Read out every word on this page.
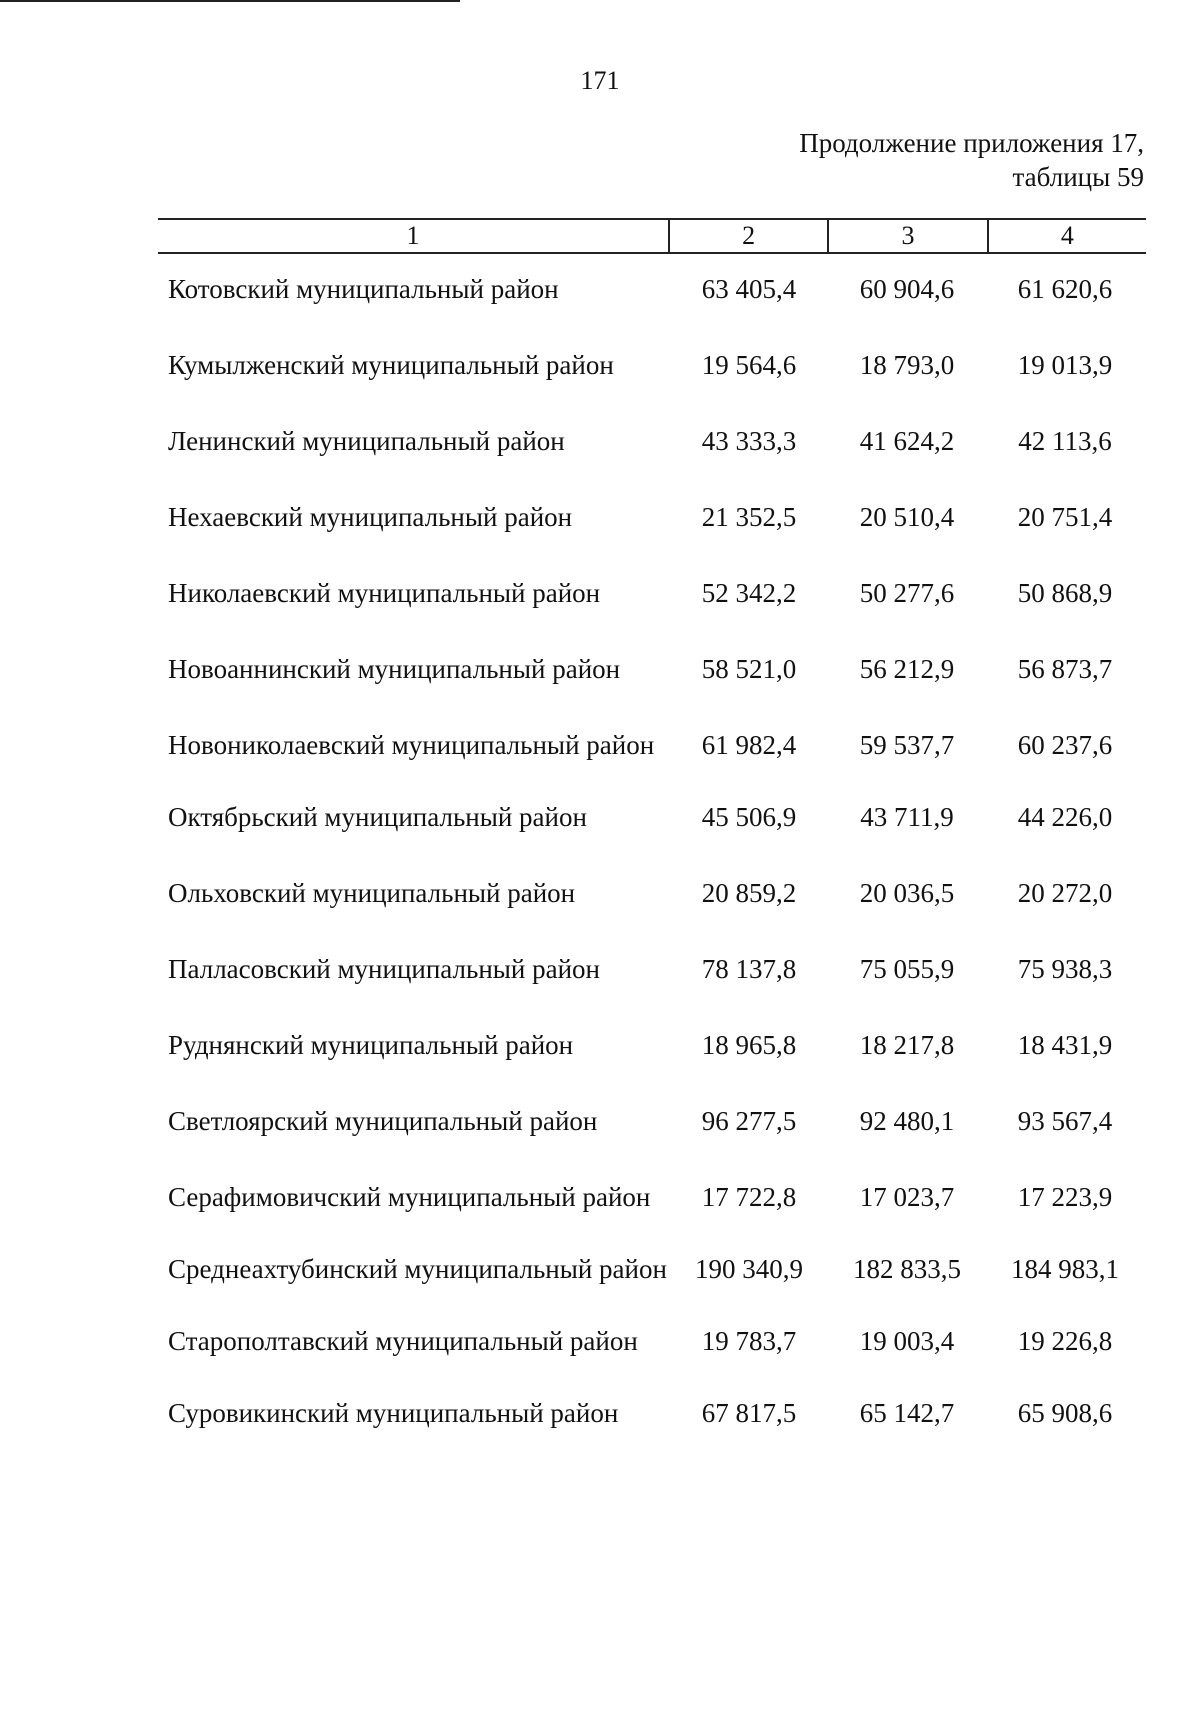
171
Продолжение приложения 17,
таблицы 59
1	2	3	4
Котовский муниципальный район	63 405,4	60 904,6	61 620,6
Кумылженский муниципальный район	19 564,6	18 793,0	19 013,9
Ленинский муниципальный район	43 333,3	41 624,2	42 113,6
Нехаевский муниципальный район	21 352,5	20 510,4	20 751,4
Николаевский муниципальный район	52 342,2	50 277,6	50 868,9
Новоаннинский муниципальный район	58 521,0	56 212,9	56 873,7
Новониколаевский муниципальный район	61 982,4	59 537,7	60 237,6
Октябрьский муниципальный район	45 506,9	43 711,9	44 226,0
Ольховский муниципальный район	20 859,2	20 036,5	20 272,0
Палласовский муниципальный район	78 137,8	75 055,9	75 938,3
Руднянский муниципальный район	18 965,8	18 217,8	18 431,9
Светлоярский муниципальный район	96 277,5	92 480,1	93 567,4
Серафимовичский муниципальный район	17 722,8	17 023,7	17 223,9
Среднеахтубинский муниципальный район	190 340,9	182 833,5	184 983,1
Старополтавский муниципальный район	19 783,7	19 003,4	19 226,8
Суровикинский муниципальный район	67 817,5	65 142,7	65 908,6
